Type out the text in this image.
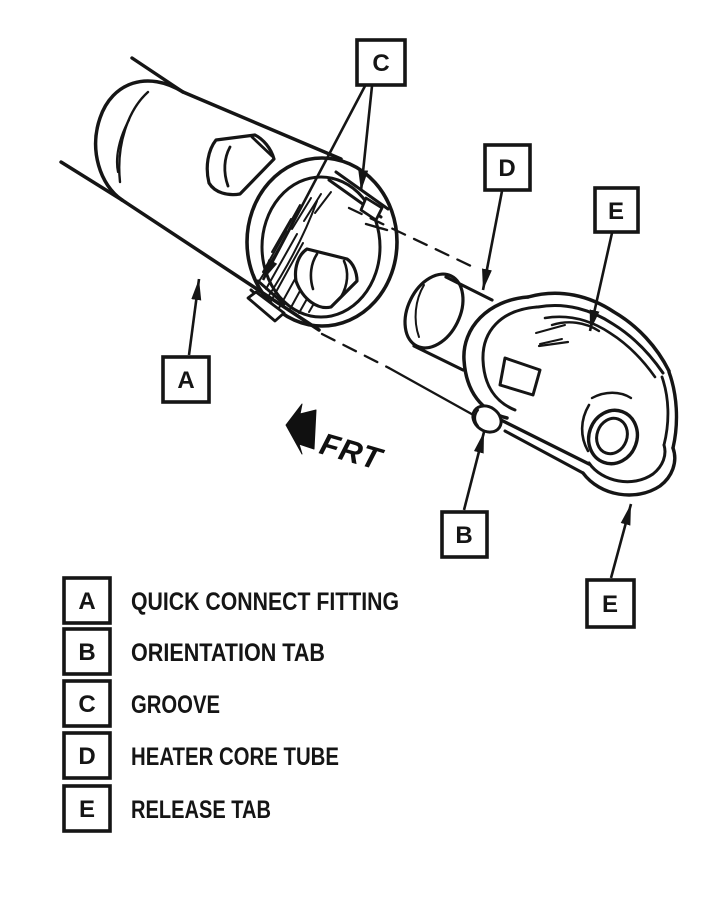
FRT
A
B
C
D
E
E
A QUICK CONNECT FITTING
B ORIENTATION TAB
C GROOVE
D HEATER CORE TUBE
E RELEASE TAB
